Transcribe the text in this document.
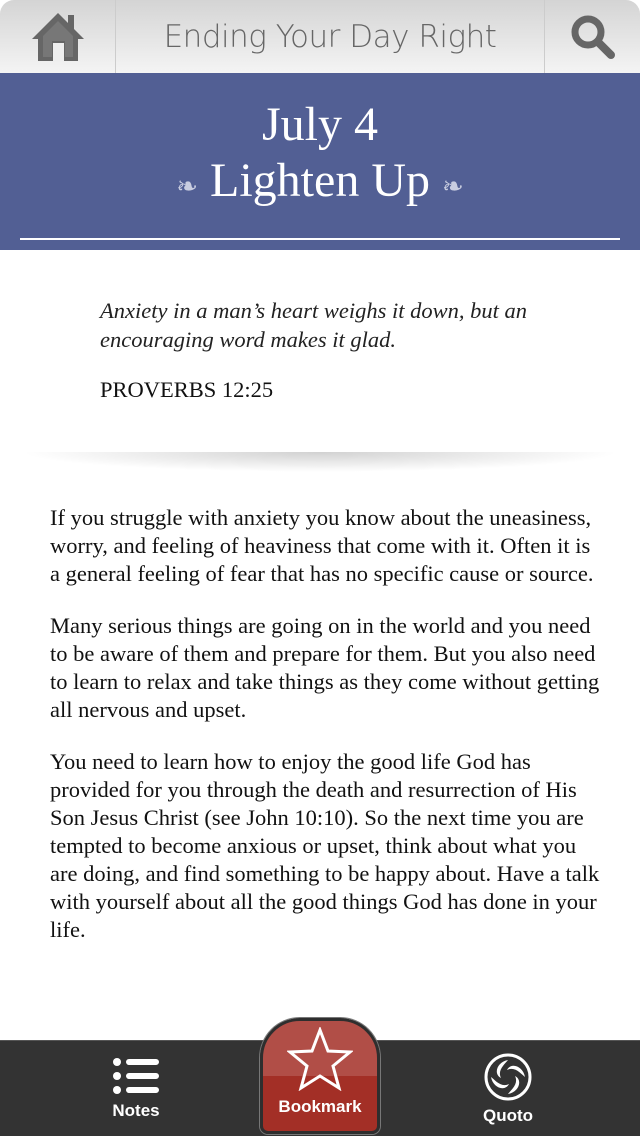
Ending Your Day Right
July 4
❧ Lighten Up ❧
Anxiety in a man’s heart weighs it down, but an encouraging word makes it glad.
PROVERBS 12:25

If you struggle with anxiety you know about the uneasiness, worry, and feeling of heaviness that come with it. Often it is a general feeling of fear that has no specific cause or source.

Many serious things are going on in the world and you need to be aware of them and prepare for them. But you also need to learn to relax and take things as they come without getting all nervous and upset.

You need to learn how to enjoy the good life God has provided for you through the death and resurrection of His Son Jesus Christ (see John 10:10). So the next time you are tempted to become anxious or upset, think about what you are doing, and find something to be happy about. Have a talk with yourself about all the good things God has done in your life.

Notes	Quoto
Bookmark
